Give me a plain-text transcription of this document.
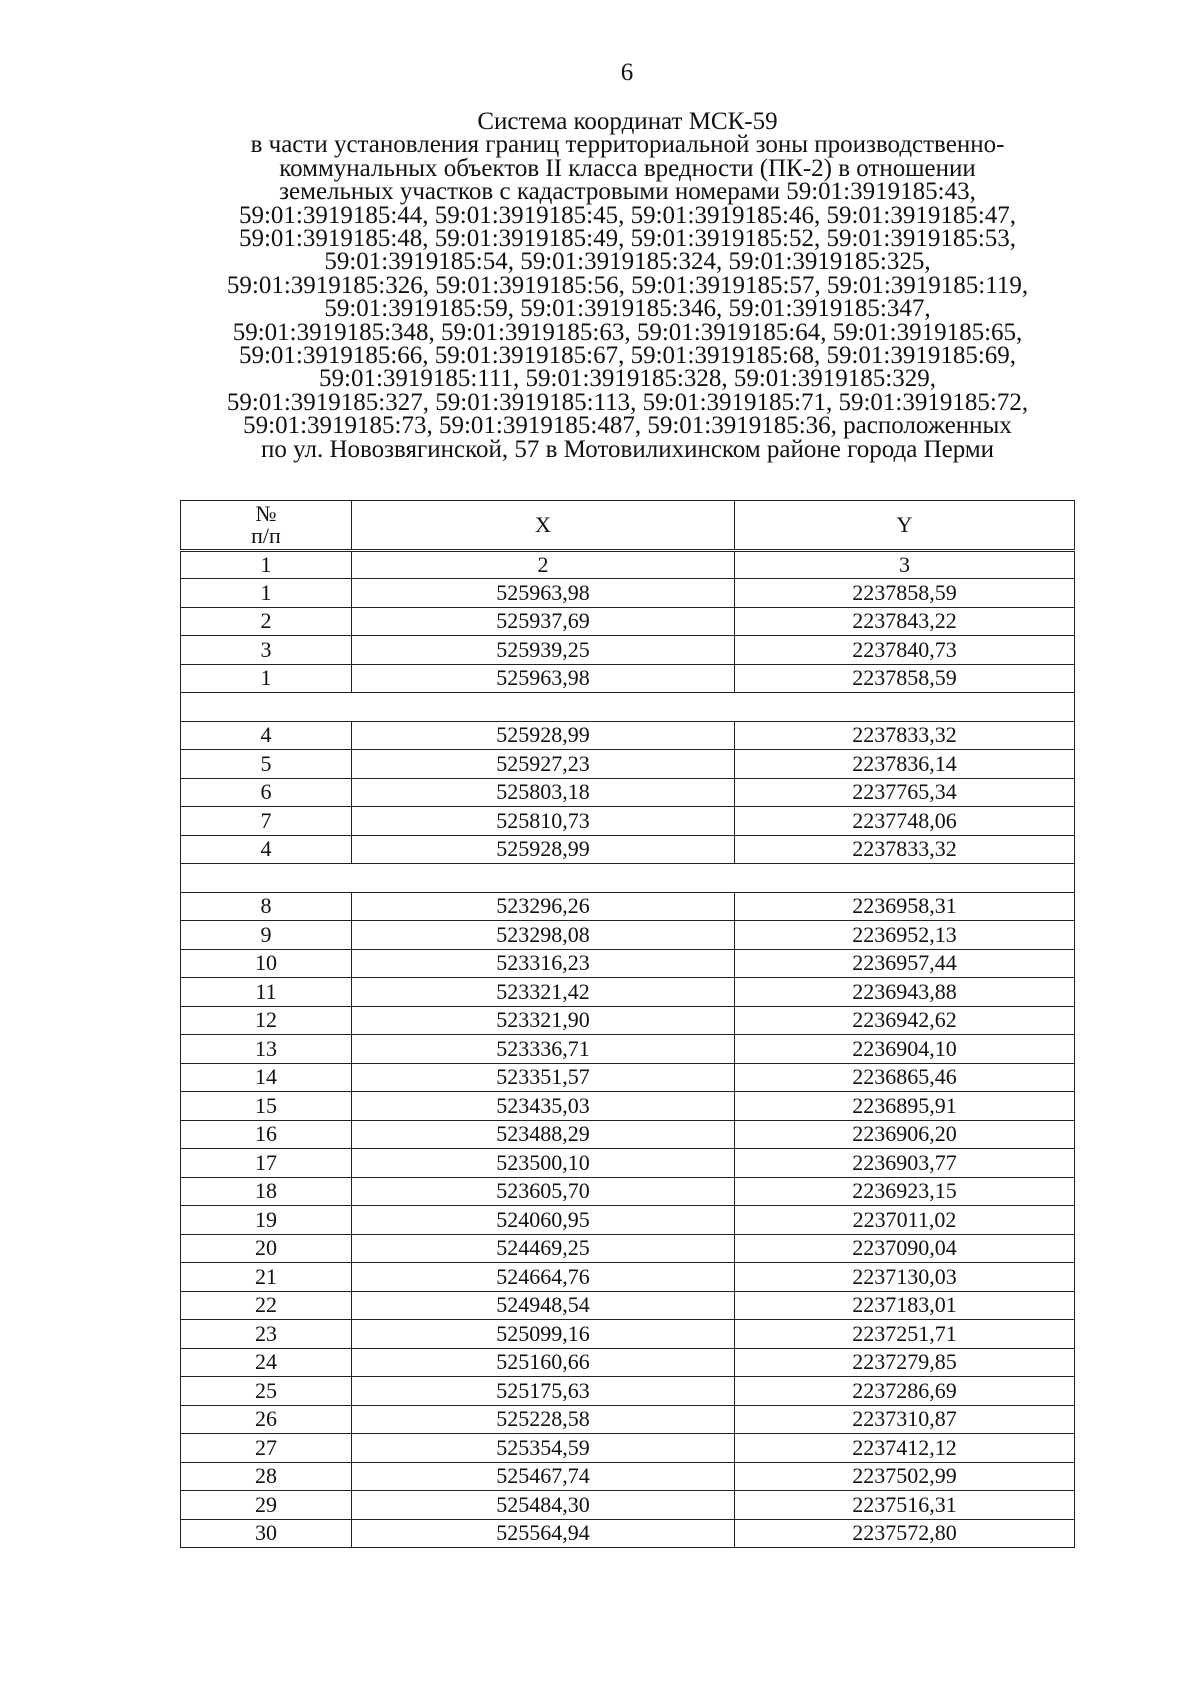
6
Система координат МСК-59
в части установления границ территориальной зоны производственно-
коммунальных объектов II класса вредности (ПК-2) в отношении
земельных участков с кадастровыми номерами 59:01:3919185:43,
59:01:3919185:44, 59:01:3919185:45, 59:01:3919185:46, 59:01:3919185:47,
59:01:3919185:48, 59:01:3919185:49, 59:01:3919185:52, 59:01:3919185:53,
59:01:3919185:54, 59:01:3919185:324, 59:01:3919185:325,
59:01:3919185:326, 59:01:3919185:56, 59:01:3919185:57, 59:01:3919185:119,
59:01:3919185:59, 59:01:3919185:346, 59:01:3919185:347,
59:01:3919185:348, 59:01:3919185:63, 59:01:3919185:64, 59:01:3919185:65,
59:01:3919185:66, 59:01:3919185:67, 59:01:3919185:68, 59:01:3919185:69,
59:01:3919185:111, 59:01:3919185:328, 59:01:3919185:329,
59:01:3919185:327, 59:01:3919185:113, 59:01:3919185:71, 59:01:3919185:72,
59:01:3919185:73, 59:01:3919185:487, 59:01:3919185:36, расположенных
по ул. Новозвягинской, 57 в Мотовилихинском районе города Перми
№
п/п	X	Y
1	2	3
1	525963,98	2237858,59
2	525937,69	2237843,22
3	525939,25	2237840,73
1	525963,98	2237858,59

4	525928,99	2237833,32
5	525927,23	2237836,14
6	525803,18	2237765,34
7	525810,73	2237748,06
4	525928,99	2237833,32

8	523296,26	2236958,31
9	523298,08	2236952,13
10	523316,23	2236957,44
11	523321,42	2236943,88
12	523321,90	2236942,62
13	523336,71	2236904,10
14	523351,57	2236865,46
15	523435,03	2236895,91
16	523488,29	2236906,20
17	523500,10	2236903,77
18	523605,70	2236923,15
19	524060,95	2237011,02
20	524469,25	2237090,04
21	524664,76	2237130,03
22	524948,54	2237183,01
23	525099,16	2237251,71
24	525160,66	2237279,85
25	525175,63	2237286,69
26	525228,58	2237310,87
27	525354,59	2237412,12
28	525467,74	2237502,99
29	525484,30	2237516,31
30	525564,94	2237572,80
